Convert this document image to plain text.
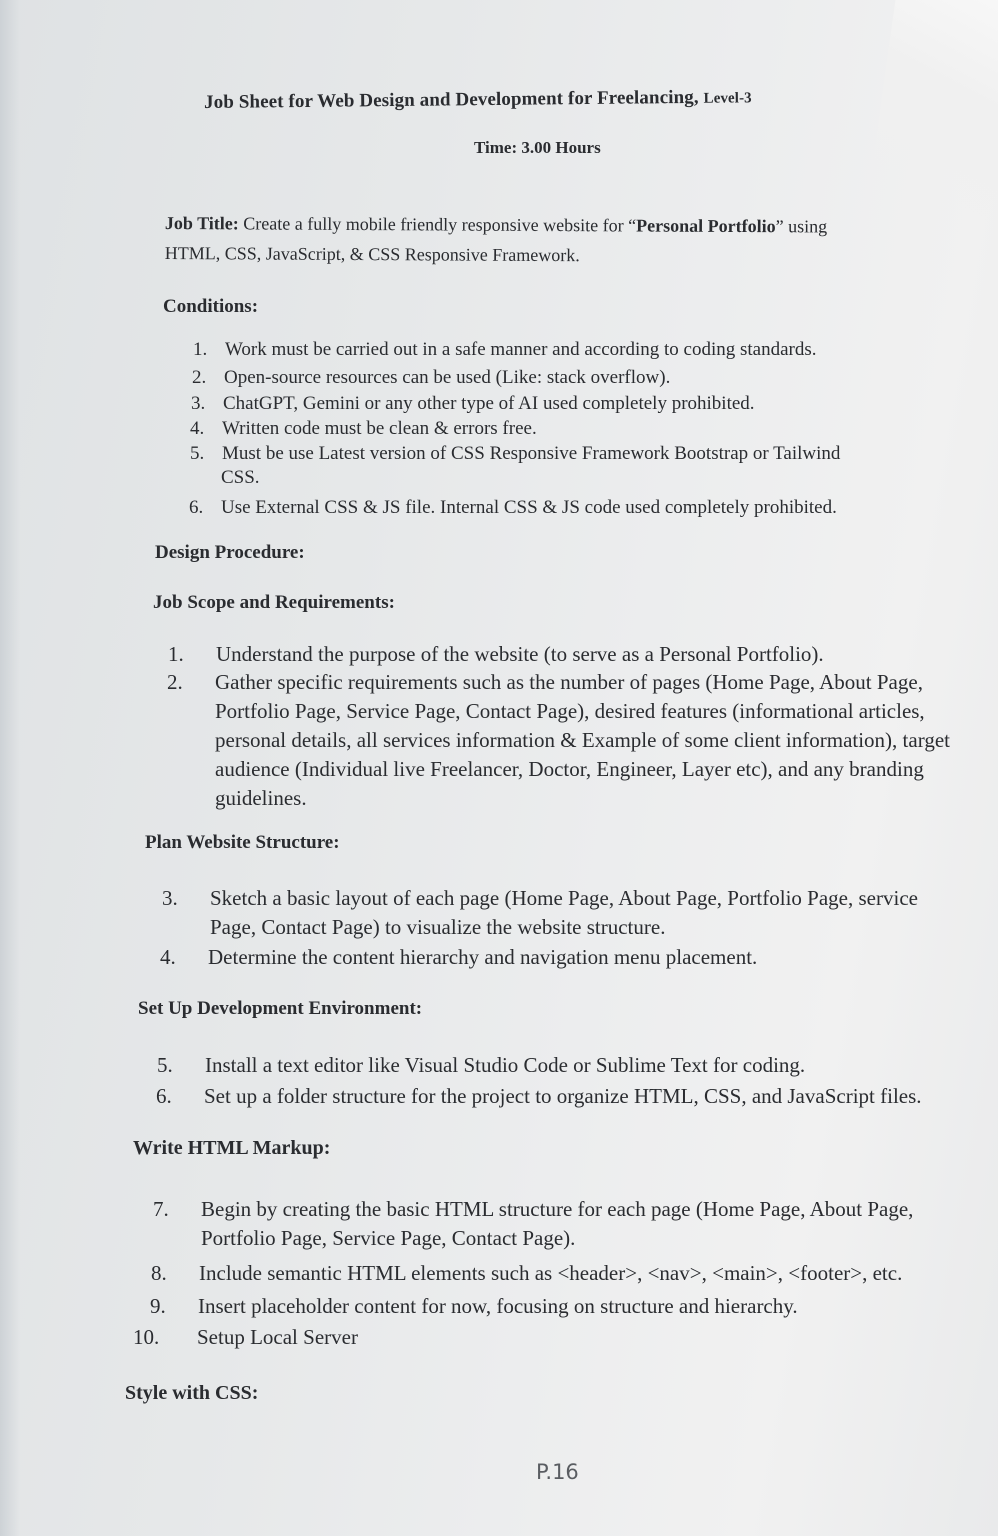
Job Sheet for Web Design and Development for Freelancing, Level-3
Time: 3.00 Hours
Job Title: Create a fully mobile friendly responsive website for “Personal Portfolio” using
HTML, CSS, JavaScript, & CSS Responsive Framework.
Conditions:
1. Work must be carried out in a safe manner and according to coding standards.
2. Open-source resources can be used (Like: stack overflow).
3. ChatGPT, Gemini or any other type of AI used completely prohibited.
4. Written code must be clean & errors free.
5. Must be use Latest version of CSS Responsive Framework Bootstrap or Tailwind
CSS.
6. Use External CSS & JS file. Internal CSS & JS code used completely prohibited.
Design Procedure:
Job Scope and Requirements:
1. Understand the purpose of the website (to serve as a Personal Portfolio).
2. Gather specific requirements such as the number of pages (Home Page, About Page,
Portfolio Page, Service Page, Contact Page), desired features (informational articles,
personal details, all services information & Example of some client information), target
audience (Individual live Freelancer, Doctor, Engineer, Layer etc), and any branding
guidelines.
Plan Website Structure:
3. Sketch a basic layout of each page (Home Page, About Page, Portfolio Page, service
Page, Contact Page) to visualize the website structure.
4. Determine the content hierarchy and navigation menu placement.
Set Up Development Environment:
5. Install a text editor like Visual Studio Code or Sublime Text for coding.
6. Set up a folder structure for the project to organize HTML, CSS, and JavaScript files.
Write HTML Markup:
7. Begin by creating the basic HTML structure for each page (Home Page, About Page,
Portfolio Page, Service Page, Contact Page).
8. Include semantic HTML elements such as <header>, <nav>, <main>, <footer>, etc.
9. Insert placeholder content for now, focusing on structure and hierarchy.
10. Setup Local Server
Style with CSS:
P.16
